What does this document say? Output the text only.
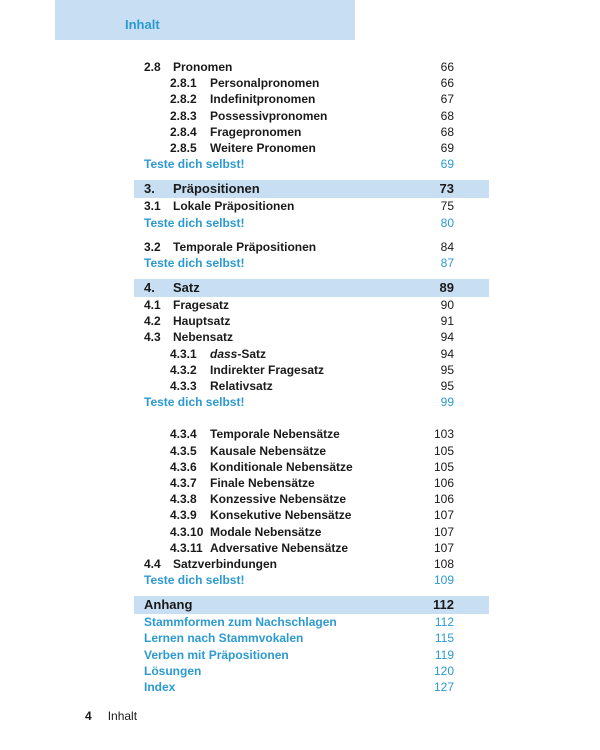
Inhalt
2.8 Pronomen	66
2.8.1 Personalpronomen	66
2.8.2 Indefinitpronomen	67
2.8.3 Possessivpronomen	68
2.8.4 Fragepronomen	68
2.8.5 Weitere Pronomen	69
Teste dich selbst!	69
3. Präpositionen	73
3.1 Lokale Präpositionen	75
Teste dich selbst!	80
3.2 Temporale Präpositionen	84
Teste dich selbst!	87
4. Satz	89
4.1 Fragesatz	90
4.2 Hauptsatz	91
4.3 Nebensatz	94
4.3.1 dass-Satz	94
4.3.2 Indirekter Fragesatz	95
4.3.3 Relativsatz	95
Teste dich selbst!	99
4.3.4 Temporale Nebensätze	103
4.3.5 Kausale Nebensätze	105
4.3.6 Konditionale Nebensätze	105
4.3.7 Finale Nebensätze	106
4.3.8 Konzessive Nebensätze	106
4.3.9 Konsekutive Nebensätze	107
4.3.10 Modale Nebensätze	107
4.3.11 Adversative Nebensätze	107
4.4 Satzverbindungen	108
Teste dich selbst!	109
Anhang	112
Stammformen zum Nachschlagen	112
Lernen nach Stammvokalen	115
Verben mit Präpositionen	119
Lösungen	120
Index	127
4 Inhalt
